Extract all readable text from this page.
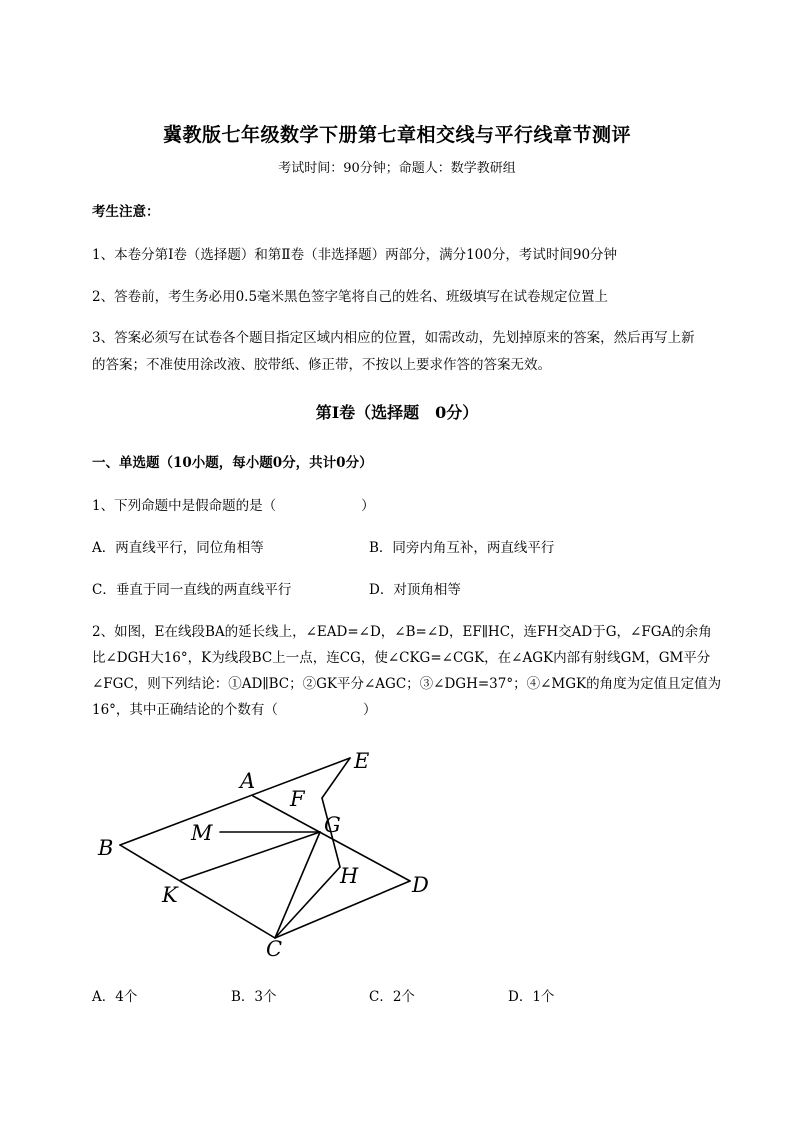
冀教版七年级数学下册第七章相交线与平行线章节测评
考试时间：90分钟；命题人：数学教研组
考生注意：
1、本卷分第I卷（选择题）和第Ⅱ卷（非选择题）两部分，满分100分，考试时间90分钟
2、答卷前，考生务必用0.5毫米黑色签字笔将自己的姓名、班级填写在试卷规定位置上
3、答案必须写在试卷各个题目指定区域内相应的位置，如需改动，先划掉原来的答案，然后再写上新
的答案；不准使用涂改液、胶带纸、修正带，不按以上要求作答的答案无效。
第I卷（选择题　0分）
一、单选题（10小题，每小题0分，共计0分）
1、下列命题中是假命题的是（	）
A．两直线平行，同位角相等	B．同旁内角互补，两直线平行
C．垂直于同一直线的两直线平行	D．对顶角相等
2、如图，E在线段BA的延长线上，∠EAD=∠D，∠B=∠D，EF∥HC，连FH交AD于G，∠FGA的余角
比∠DGH大16°，K为线段BC上一点，连CG，使∠CKG=∠CGK，在∠AGK内部有射线GM，GM平分
∠FGC，则下列结论：①AD∥BC；②GK平分∠AGC；③∠DGH=37°；④∠MGK的角度为定值且定值为
16°，其中正确结论的个数有（	）
A
E
F
M	G
B
H	D
K
C
A．4个	B．3个	C．2个	D．1个
